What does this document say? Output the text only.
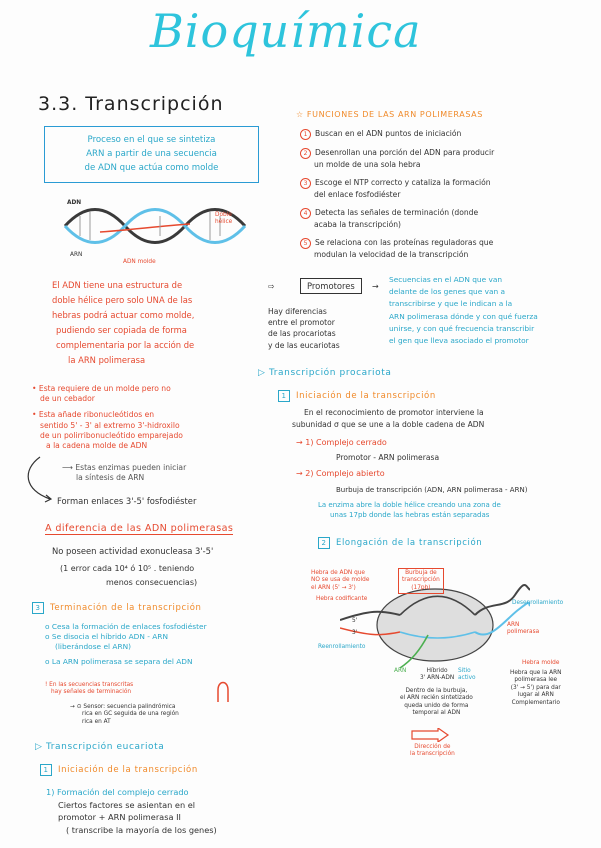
Bioquímica
3.3. Transcripción
Proceso en el que se sintetiza
ARN a partir de una secuencia
de ADN que actúa como molde
ADN
ARN
ADN molde
Doble
hélice
El ADN tiene una estructura de
doble hélice pero solo UNA de las
hebras podrá actuar como molde,
pudiendo ser copiada de forma
complementaria por la acción de
la ARN polimerasa
• Esta requiere de un molde pero no
de un cebador
• Esta añade ribonucleótidos en
sentido 5' - 3' al extremo 3'-hidroxilo
de un polirribonucleótido emparejado
a la cadena molde de ADN
⟶ Estas enzimas pueden iniciar
la síntesis de ARN
Forman enlaces 3'-5' fosfodiéster
A diferencia de las ADN polimerasas
No poseen actividad exonucleasa 3'-5'
(1 error cada 10⁴ ó 10⁵ . teniendo
menos consecuencias)
3 Terminación de la transcripción
o Cesa la formación de enlaces fosfodiéster
o Se disocia el híbrido ADN - ARN
(liberándose el ARN)
o La ARN polimerasa se separa del ADN
! En las secuencias transcritas
hay señales de terminación
→ ⊙ Sensor: secuencia palindrómica
rica en GC seguida de una región
rica en AT
▷ Transcripción eucariota
1 Iniciación de la transcripción
1) Formación del complejo cerrado
Ciertos factores se asientan en el
promotor + ARN polimerasa II
( transcribe la mayoría de los genes)
☆ FUNCIONES DE LAS ARN POLIMERASAS
1 Buscan en el ADN puntos de iniciación
2 Desenrollan una porción del ADN para producir
un molde de una sola hebra
3 Escoge el NTP correcto y cataliza la formación
del enlace fosfodiéster
4 Detecta las señales de terminación (donde
acaba la transcripción)
5 Se relaciona con las proteínas reguladoras que
modulan la velocidad de la transcripción
⇨	Promotores	→
Hay diferencias
entre el promotor
de las procariotas
y de las eucariotas
Secuencias en el ADN que van
delante de los genes que van a
transcribirse y que le indican a la
ARN polimerasa dónde y con qué fuerza
unirse, y con qué frecuencia transcribir
el gen que lleva asociado el promotor
▷ Transcripción procariota
1 Iniciación de la transcripción
En el reconocimiento de promotor interviene la
subunidad σ que se une a la doble cadena de ADN
→ 1) Complejo cerrado
Promotor - ARN polimerasa
→ 2) Complejo abierto
Burbuja de transcripción (ADN, ARN polimerasa - ARN)
La enzima abre la doble hélice creando una zona de
unas 17pb donde las hebras están separadas
2 Elongación de la transcripción
Burbuja de
transcripción
(17pb)
Hebra de ADN que
NO se usa de molde
el ARN (5' → 3')
Hebra codificante
Desenrollamiento
Reenrollamiento
ARN
polimerasa
5'
3'
ARN	Híbrido
3' ARN-ADN
Sitio
activo
Hebra molde
Hebra que la ARN
polimerasa lee
(3' → 5') para dar
lugar al ARN
Complementario
Dentro de la burbuja,
el ARN recién sintetizado
queda unido de forma
temporal al ADN
Dirección de
la transcripción
